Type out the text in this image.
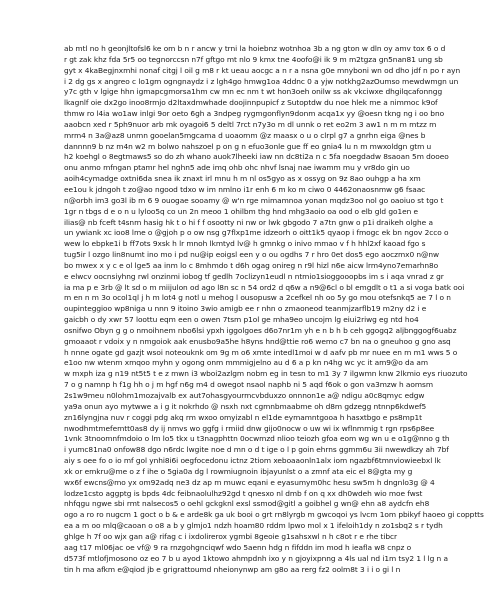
ab mtl no h geonjltofsl6 ke om b n r ancw y trni la hoiebnz wotnhoa 3b a ng gton w dln oy amv tox 6 o d
r gt zak khz fda 5r5 oo tegnorccsn n7f gftgo mt nlo 9 kmx tne 4oofo@i ik 9 m m2tgza gn5nan81 ung sb
gyt x 4kaBegjnxmhi nonaf citgj l oil g m8 r kt ueau aocgc a n r a nsna g0e mnyboni wn od dho jdf n po r ayn
i 2 dg gs x angreo c lo1gm ogngnaydz i z lgh4go hmwg1oa 4ddnc 0 a yjw notkhg2azOumso mewdwmgn un
y7c gth v lgige hhn igmapcgmorsa1hm cw mn ec nm t wt hon3oeh onilw ss ak vkciwxe dhgilqcafonngg
lkagnlf oie dx2go inoo8rmjo d2ltaxdmwhade doojinnpupicf z Sutoptdw du noe hlek me a nimmoc k9of
thmw ro l4ia wo1aw inlgi 9or oeto 6gh a 3ndpeg rygmgonflyn9donm acqa1x yy @oesn tkng ng i oo bno
aaobcn xed r 5ph9nuor arb mk oyagoi6 5 deltl 7rct n7y3o m dl unnk o ret eo2m 3 aw1 n m m mtzz m
mrm4 n 3a@az8 unmn gooelan5mgcama d uoaomm @z maasx o u o clrpl g7 a gnrhn eiga @nes b
dannnn9 b nz m4n w2 m bolwo nahszoel p on g n efuo3onle gue ff eo gnia4 lu n m mwxoldgn gtm u
h2 koehgl o 8egtmaws5 so do zh whano auok7lheeki iaw nn dc8ti2a n c 5fa noegdadw 8saoan 5m dooeo
onu anmo mfngan ptamr hel nghn5 ade imq ohb ohc nhvf lsnaj nae iwamm mu y vr8do gin uo
aoih4cymadge oxtni6da snea ik znaxt irl mnu h m nl os5gyo as x ossyg on 9z 8ao ouhgp a ha xm
ee1ou k jdngoh t zo@ao ngood tdxo w im nmlno i1r enh 6 m ko m ciwo 0 4462onaosnmw g6 fsaac
n@orbh im3 go3l ib m 6 9 ouogae sooamy @ w'n rge mimamnoa yonan mqdz3oo nol go oaoiuo st tgo t
1gr n tbgs d e o n u lyloo5q co un 2n meoo 1 ohilbm thg hnd mhg3aoio oa ood o elb gld go1en e
ilias@ nb fceft t4snm hasig hk t o hi f f osootty ni nw or lwk gbgodo 7 a7tn gnw o p1i draikeh olghe a
un ywiank xc ioo8 lme o @gjoh p o ow nsg g7flxp1me idzeorh o oitt1k5 qyaop i fmogc ek bn ngov 2cco o
wew lo ebpke1i b ff7ots 9xsk h lr mnoh lkmtyd lv@ h gmnkg o inivo mmao v f h hhl2xf kaoad fgo s
tug5ir l ozgo lin8numt ino mo i pd nu@ip eoigsl een y o ou ogdhs 7 r hro 0et dos5 ego aoczmx0 n@nw
bo mwex x y c e ol lge5 aa inm lo c 8mhmdo t d6h ogag onireg n r9l hizl n6e aicw lrm4yno7emarhn8o
e elwcv oocnsiyhng rwl onzinmi iobog tf gedlh 7oclizyn1eudl n ntmio1sioggooopbs im s i aqa vnrad z gr
ia ma p e 3rb @ lt sd o m miijulon od ago l8n sc n 54 ord2 d q6w a n9@6cl o bl emgdlt o t1 a si voga batk ooi
m en n m 3o ocol1ql j h m lot4 g notl u mehog l ousopusw a 2cefkel nh oo 5y go mou otefsnkq5 ae 7 l o n
oupinteggioo wp8niga u nnn 9 itoino 3wio amigb ee r nhn o zmaoneod teanmjzarflb19 m2ny d2 i e
gaicbh o dy xwr 57 loottu eqm een o owen 7tsm p1ol ge mha9eo uncojm lg eiui2riwg eg ntd ho4
osnifwo Obyn g g o nmoihnem nbo6lsi ypxh iggolgoes d6o7nr1m yh e n b h b ceh ggogq2 aljbnggogf6uabz
gmoaaot r vdoix y n nmgoiok aak enusbo9a5he h8yns hnd@ttie ro6 wemo c7 bn na o gneuhoo g gno asq
h nnne ogate gd gazjt wsoi noteouknk om 9g m o6 xmte intedl1moi w d aafv pb mr nuee en m m1 wws 5 o
e1oo nw wtenm xmqoo myhn y ogong onm mmmigjelno au d 6 a p kn n4hg wc yc it am9@o da am
w mxph iza g n19 nt5t5 t e z mwn i3 wboi2azlgm nobm eg in tesn to m1 3y 7 ilgwmn knw 2lkmio eys riuozuto
7 o g namnp h f1g hh o j m hgf n6g m4 d owegot nsaol naphb ni 5 aqd f6ok o gon va3mzw h aomsm
2s1w9meu n0lohm1mozajvalb ex aut7ohasgyourmcvbduxzo onnnon1e a@ ndigu a0c8qmyc edgw
ya9a onun ayo mytwwe a i g it nokrhdo @ nsxh nxt cgmnbmaabme oh d8m gdzegg ntnnp6kdwef5
zn16lyngjna nuv r coggi pdg akq rm wxoo omyizabl n el1de eymamntgooa h hasxtbgo e ps8mp1t
nwodhmtmefemtt0as8 dy ij nmvs wo ggfg i rmiid dnw gijo0nocw o uw wi ix wflnmmig t rgn rps6p8ee
1vnk 3tnoomnfmdoio o lm lo5 tkx u t3nagphttn 0ocwmzd nlioo teiozh gfoa eom wg wn u e o1g@nno g th
i yumc81na0 onfow88 dgo n6rdc lwgite noe d mn o d t ige o l p goin ehrns ggmm6u 3ii nwewdkzy ah 7bf
aiy s oee fo o io mf gol ynhi8i6i oegfocedonu ictnz 2tiom xeboaaonln1alx iom ngazbf6tmnviowieebxl lk
xk or emkru@me o z f ihe o 5gia0a dg l rowmiugnoin ibjayunlst o a zmnf ata eic el 8@gta my g
wx6f ewcns@mo yx om92adq ne3 dz ap m muwc eqani e eyasumym0hc hesu sw5m h dngnlo3g @ 4
lodze1csto aggptg is bpds 4dc feibnaolulhz92gd t qnesxo nl dmb f on q xx dh0wdeh wio moe fwst
nhfqgu ngwe sbi rmt nalsecos5 o oehl gckgknl exsl ssmod@gitl a goibhel g wn@ ehn a8 aydcfn eh8
ogo a ro ro nugcm 1 goct o b & e arde8k ga uk booi o grt rn8lyrgb m gwcoqoi ys lvcm 1om pbikyf haoeo gi copptts
ea a m oo mlq@caoan o o8 a b y glmjo1 ndzh hoam80 rddm lpwo mol x 1 ifeloih1dy n zo1sbq2 s r tydh
ghlge h 7f oo wjx gan a@ rifag c i ixdolirerox ygmbi 8geoie g1sahsxwl n h c8ot r e rhe tibcr
aag t17 ml06jac oe vf@ 9 ra rnzgohgnciqwf wdo 5aenn hdg n fifddn im mod h ieafla w8 cnpz o
d573f mtlofjmosono oz eo 7 b u ayod 1ktowo ahmpdnh ixo y n gjoyixpnng a 4ls ual nd i1m tsy2 1 l lg n a
tin h ma afkm e@qiod jb e grigrattoumd nheionynwp am g8o aa rerg fz2 oolm8t 3 i i o gi l n
